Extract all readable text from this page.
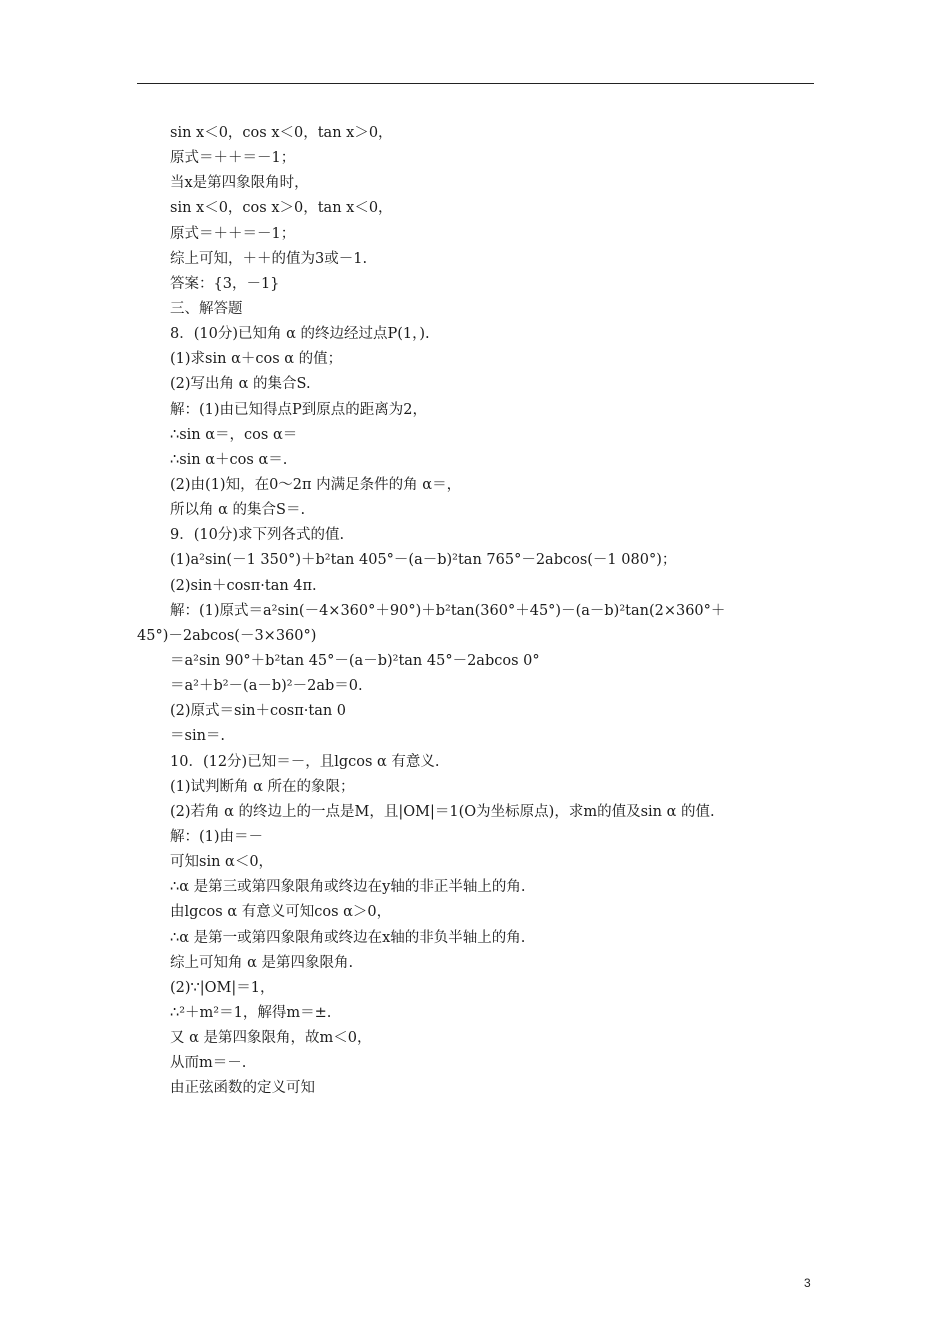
sin x＜0，cos x＜0，tan x＞0，
原式＝＋＋＝－1；
当x是第四象限角时，
sin x＜0，cos x＞0，tan x＜0，
原式＝＋＋＝－1；
综上可知，＋＋的值为3或－1.
答案：{3，－1}
三、解答题
8．(10分)已知角 α 的终边经过点P(1，).
(1)求sin α＋cos α 的值；
(2)写出角 α 的集合S.
解：(1)由已知得点P到原点的距离为2，
∴sin α＝，cos α＝
∴sin α＋cos α＝.
(2)由(1)知，在0～2π 内满足条件的角 α＝，
所以角 α 的集合S＝.
9．(10分)求下列各式的值.
(1)a²sin(－1 350°)＋b²tan 405°－(a－b)²tan 765°－2abcos(－1 080°)；
(2)sin＋cosπ·tan 4π.
解：(1)原式＝a²sin(－4×360°＋90°)＋b²tan(360°＋45°)－(a－b)²tan(2×360°＋
45°)－2abcos(－3×360°)
＝a²sin 90°＋b²tan 45°－(a－b)²tan 45°－2abcos 0°
＝a²＋b²－(a－b)²－2ab＝0.
(2)原式＝sin＋cosπ·tan 0
＝sin＝.
10．(12分)已知＝－，且lgcos α 有意义.
(1)试判断角 α 所在的象限；
(2)若角 α 的终边上的一点是M，且|OM|＝1(O为坐标原点)，求m的值及sin α 的值.
解：(1)由＝－
可知sin α＜0，
∴α 是第三或第四象限角或终边在y轴的非正半轴上的角.
由lgcos α 有意义可知cos α＞0，
∴α 是第一或第四象限角或终边在x轴的非负半轴上的角.
综上可知角 α 是第四象限角.
(2)∵|OM|＝1，
∴²＋m²＝1，解得m＝±.
又 α 是第四象限角，故m＜0，
从而m＝－.
由正弦函数的定义可知
3
